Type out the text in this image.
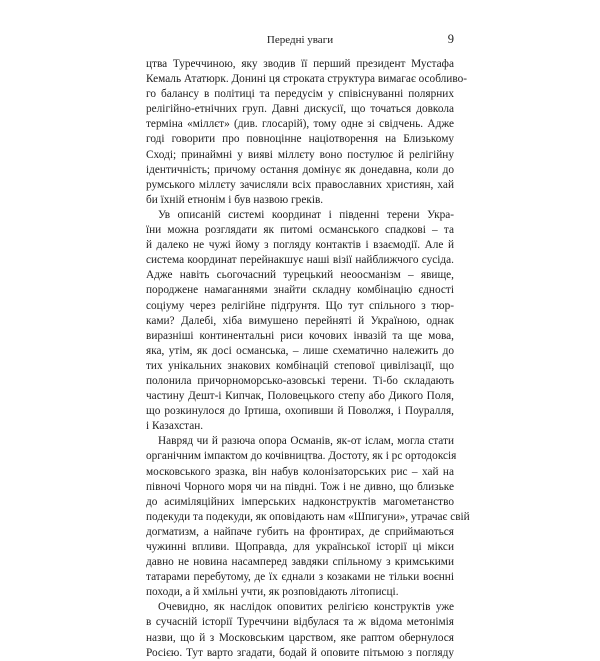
Передні уваги	9
цтва Туреччиною, яку зводив її перший президент Мустафа
Кемаль Ататюрк. Донині ця строката структура вимагає особливо-
го балансу в політиці та передусім у співіснуванні полярних
релігійно-етнічних груп. Давні дискусії, що точаться довкола
терміна «міллєт» (див. глосарій), тому одне зі свідчень. Адже
годі говорити про повноцінне націотворення на Близькому
Сході; принаймні у виявi міллєту воно постулює й релігійну
ідентичність; причому остання домінує як донедавна, коли до
румського міллєту зачисляли всіх православних християн, хай
би їхній етнонім і був назвою греків.
Ув описаній системі координат і південні терени Укра-
їни можна розглядати як питомі османського спадкові – та
й далеко не чужі йому з погляду контактів і взаємодії. Але й
система координат перейнакшує наші візії найближчого сусіда.
Адже навіть сьогочасний турецький неоосманізм – явище,
породжене намаганнями знайти складну комбінацію єдності
соціуму через релігійне підґрунтя. Що тут спільного з тюр-
ками? Далебі, хіба вимушено перейняті й Україною, однак
виразніші континентальні риси кочових інвазій та ще мова,
яка, утім, як досі османська, – лише схематично належить до
тих унікальних знакових комбінацій степової цивілізації, що
полонила причорноморсько-азовські терени. Ті-бо складають
частину Дешт-і Кипчак, Половецького степу або Дикого Поля,
що розкинулося до Іртиша, охопивши й Поволжя, і Поуралля,
і Казахстан.
Навряд чи й разюча опора Османів, як-от іслам, могла стати
органічним імпактом до кочівництва. Достоту, як і рс ортодоксія
московського зразка, він набув колонізаторських рис – хай на
півночі Чорного моря чи на півдні. Тож і не дивно, що близьке
до асиміляційних імперських надконструктів магометанство
подекуди та подекуди, як оповідають нам «Шпигуни», утрачає свій
догматизм, а найпаче губить на фронтирах, де сприймаються
чужинні впливи. Щоправда, для української історії ці мікси
давно не новина насамперед завдяки спільному з кримськими
татарами перебутому, де їх єднали з козаками не тільки воєнні
походи, а й хмільні учти, як розповідають літописці.
Очевидно, як наслідок оповитих релігією конструктів уже
в сучасній історії Туреччини відбулася та ж відома метонімія
назви, що й з Московським царством, яке раптом обернулося
Росією. Тут варто згадати, бодай й оповите пітьмою з погляду
